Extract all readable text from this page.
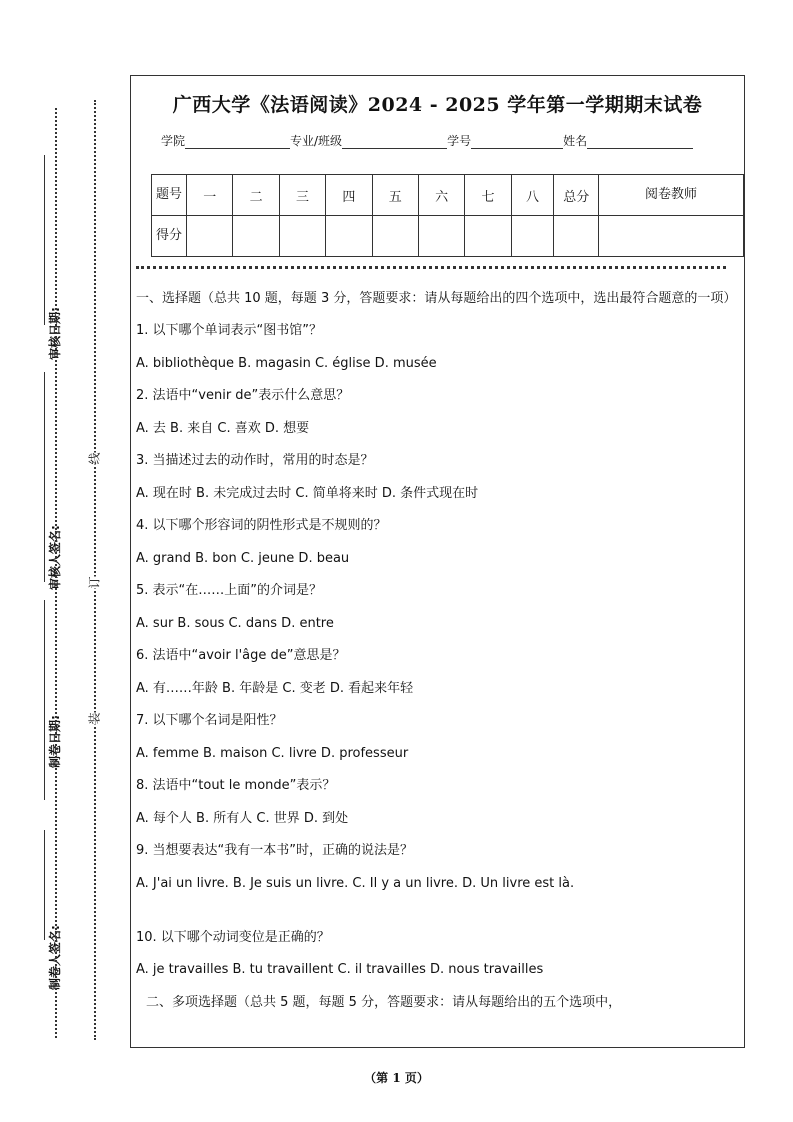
审核日期:
审核人签名:
制卷日期:
制卷人签名:
线
订
装
广西大学《法语阅读》2024 - 2025 学年第一学期期末试卷
学院	专业/班级	学号	姓名
题号	一	二	三	四	五	六	七	八	总分	阅卷教师
得分										

一、选择题（总共 10 题，每题 3 分，答题要求：请从每题给出的四个选项中，选出最符合题意的一项）

1. 以下哪个单词表示“图书馆”？

A. bibliothèque B. magasin C. église D. musée

2. 法语中“venir de”表示什么意思？

A. 去 B. 来自 C. 喜欢 D. 想要

3. 当描述过去的动作时，常用的时态是？

A. 现在时 B. 未完成过去时 C. 简单将来时 D. 条件式现在时

4. 以下哪个形容词的阴性形式是不规则的？

A. grand B. bon C. jeune D. beau

5. 表示“在……上面”的介词是？

A. sur B. sous C. dans D. entre

6. 法语中“avoir l'âge de”意思是？

A. 有……年龄 B. 年龄是 C. 变老 D. 看起来年轻

7. 以下哪个名词是阳性？

A. femme B. maison C. livre D. professeur

8. 法语中“tout le monde”表示？

A. 每个人 B. 所有人 C. 世界 D. 到处

9. 当想要表达“我有一本书”时，正确的说法是？

A. J'ai un livre. B. Je suis un livre. C. Il y a un livre. D. Un livre est là.

10. 以下哪个动词变位是正确的？

A. je travailles B. tu travaillent C. il travailles D. nous travailles

二、多项选择题（总共 5 题，每题 5 分，答题要求：请从每题给出的五个选项中，

（第 1 页）
